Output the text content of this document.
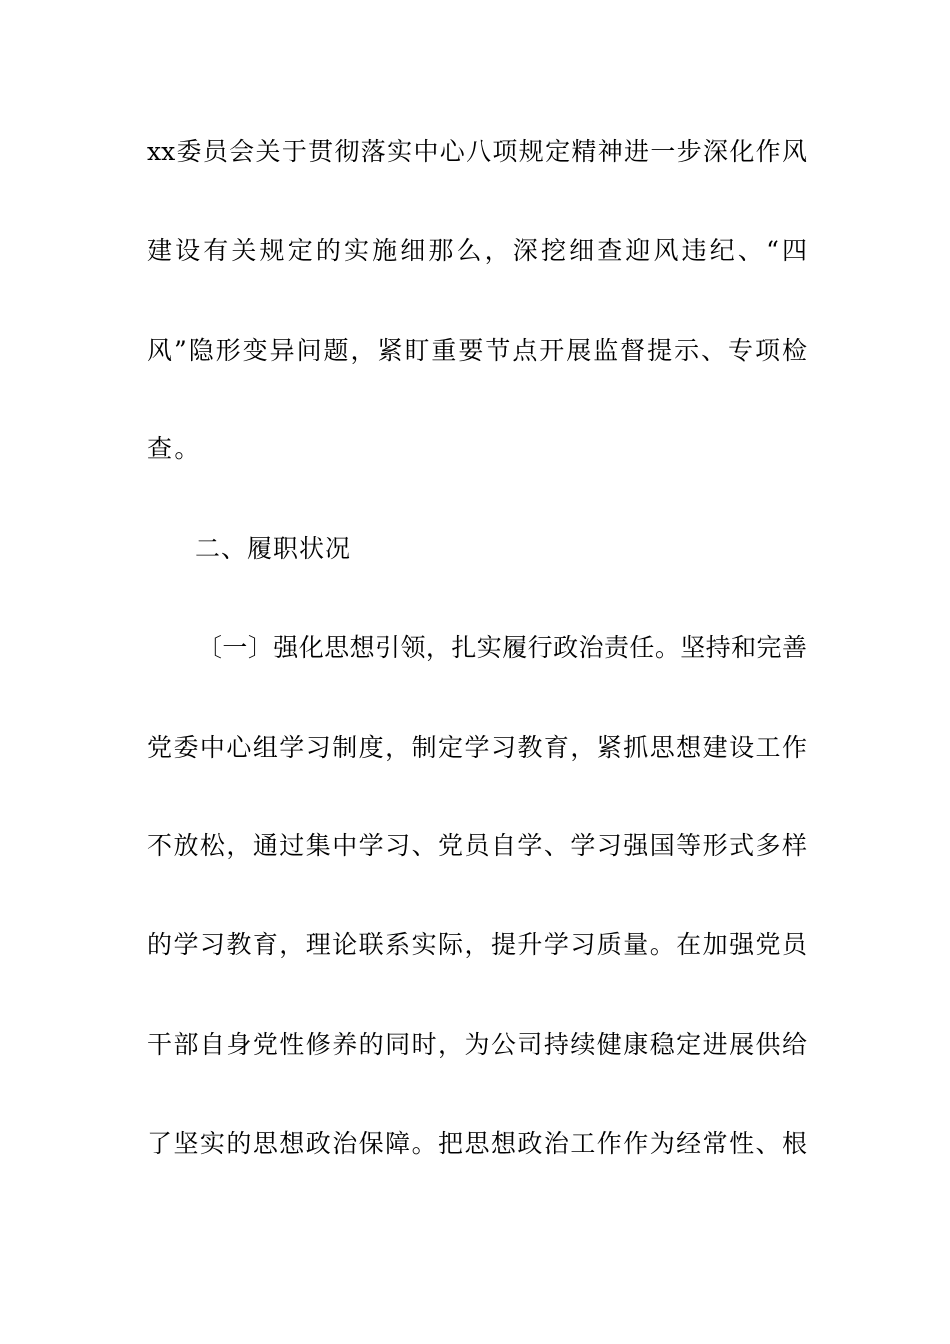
xx委员会关于贯彻落实中心八项规定精神进一步深化作风
建设有关规定的实施细那么，深挖细查迎风违纪、“四
风”隐形变异问题，紧盯重要节点开展监督提示、专项检
查。
二、履职状况
〔一〕强化思想引领，扎实履行政治责任。坚持和完善
党委中心组学习制度，制定学习教育，紧抓思想建设工作
不放松，通过集中学习、党员自学、学习强国等形式多样
的学习教育，理论联系实际，提升学习质量。在加强党员
干部自身党性修养的同时，为公司持续健康稳定进展供给
了坚实的思想政治保障。把思想政治工作作为经常性、根
